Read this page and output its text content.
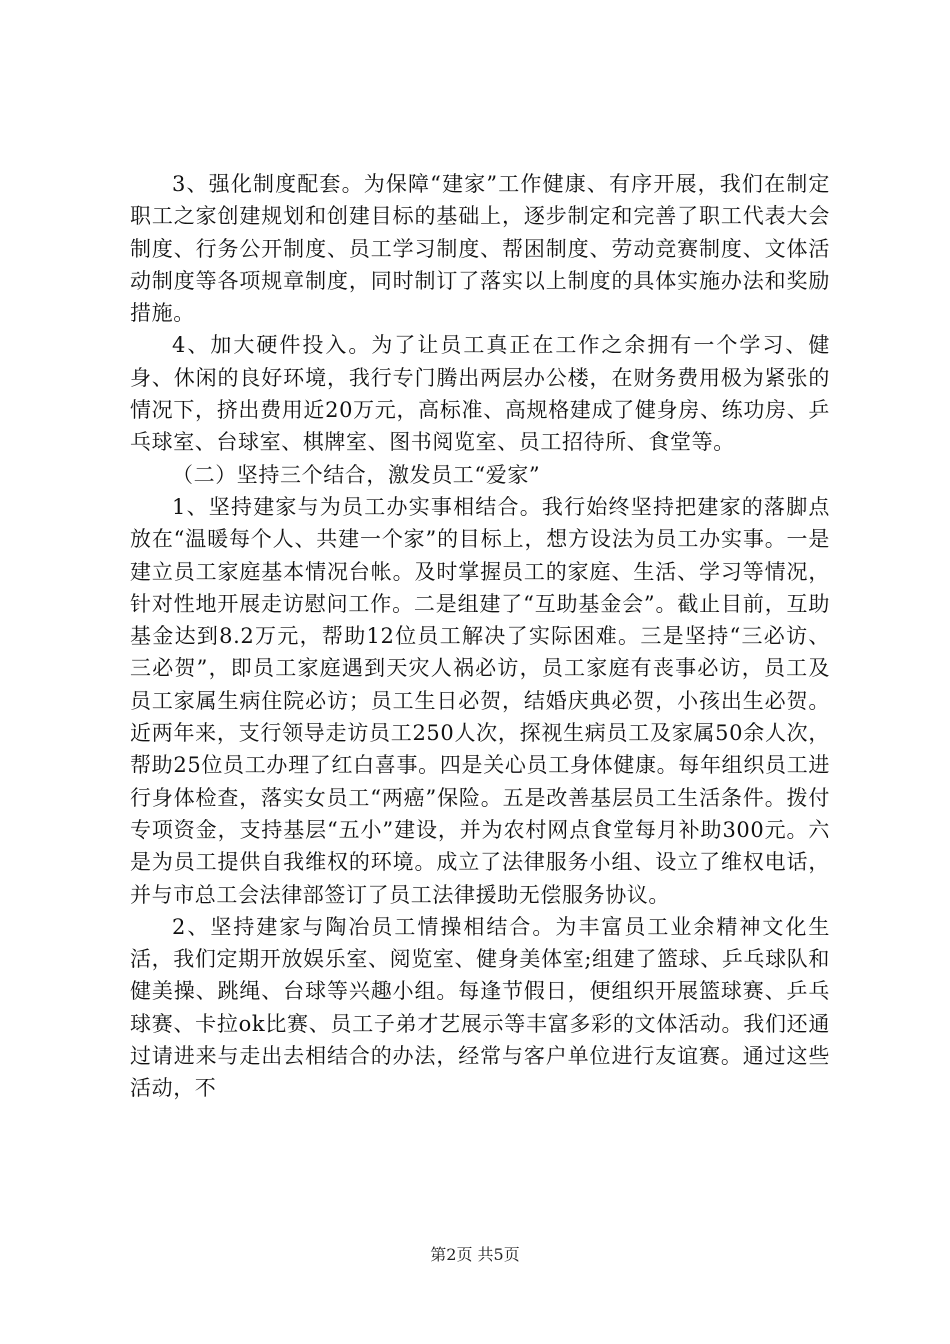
3、强化制度配套。为保障“建家”工作健康、有序开展，我们在制定职工之家创建规划和创建目标的基础上，逐步制定和完善了职工代表大会制度、行务公开制度、员工学习制度、帮困制度、劳动竞赛制度、文体活动制度等各项规章制度，同时制订了落实以上制度的具体实施办法和奖励措施。

4、加大硬件投入。为了让员工真正在工作之余拥有一个学习、健身、休闲的良好环境，我行专门腾出两层办公楼，在财务费用极为紧张的情况下，挤出费用近20万元，高标准、高规格建成了健身房、练功房、乒乓球室、台球室、棋牌室、图书阅览室、员工招待所、食堂等。

（二）坚持三个结合，激发员工“爱家”

1、坚持建家与为员工办实事相结合。我行始终坚持把建家的落脚点放在“温暖每个人、共建一个家”的目标上，想方设法为员工办实事。一是建立员工家庭基本情况台帐。及时掌握员工的家庭、生活、学习等情况，针对性地开展走访慰问工作。二是组建了“互助基金会”。截止目前，互助基金达到8.2万元，帮助12位员工解决了实际困难。三是坚持“三必访、三必贺”，即员工家庭遇到天灾人祸必访，员工家庭有丧事必访，员工及员工家属生病住院必访；员工生日必贺，结婚庆典必贺，小孩出生必贺。近两年来，支行领导走访员工250人次，探视生病员工及家属50余人次，帮助25位员工办理了红白喜事。四是关心员工身体健康。每年组织员工进行身体检查，落实女员工“两癌”保险。五是改善基层员工生活条件。拨付专项资金，支持基层“五小”建设，并为农村网点食堂每月补助300元。六是为员工提供自我维权的环境。成立了法律服务小组、设立了维权电话，并与市总工会法律部签订了员工法律援助无偿服务协议。

2、坚持建家与陶冶员工情操相结合。为丰富员工业余精神文化生活，我们定期开放娱乐室、阅览室、健身美体室;组建了篮球、乒乓球队和健美操、跳绳、台球等兴趣小组。每逢节假日，便组织开展篮球赛、乒乓球赛、卡拉ok比赛、员工子弟才艺展示等丰富多彩的文体活动。我们还通过请进来与走出去相结合的办法，经常与客户单位进行友谊赛。通过这些活动，不

第2页 共5页
